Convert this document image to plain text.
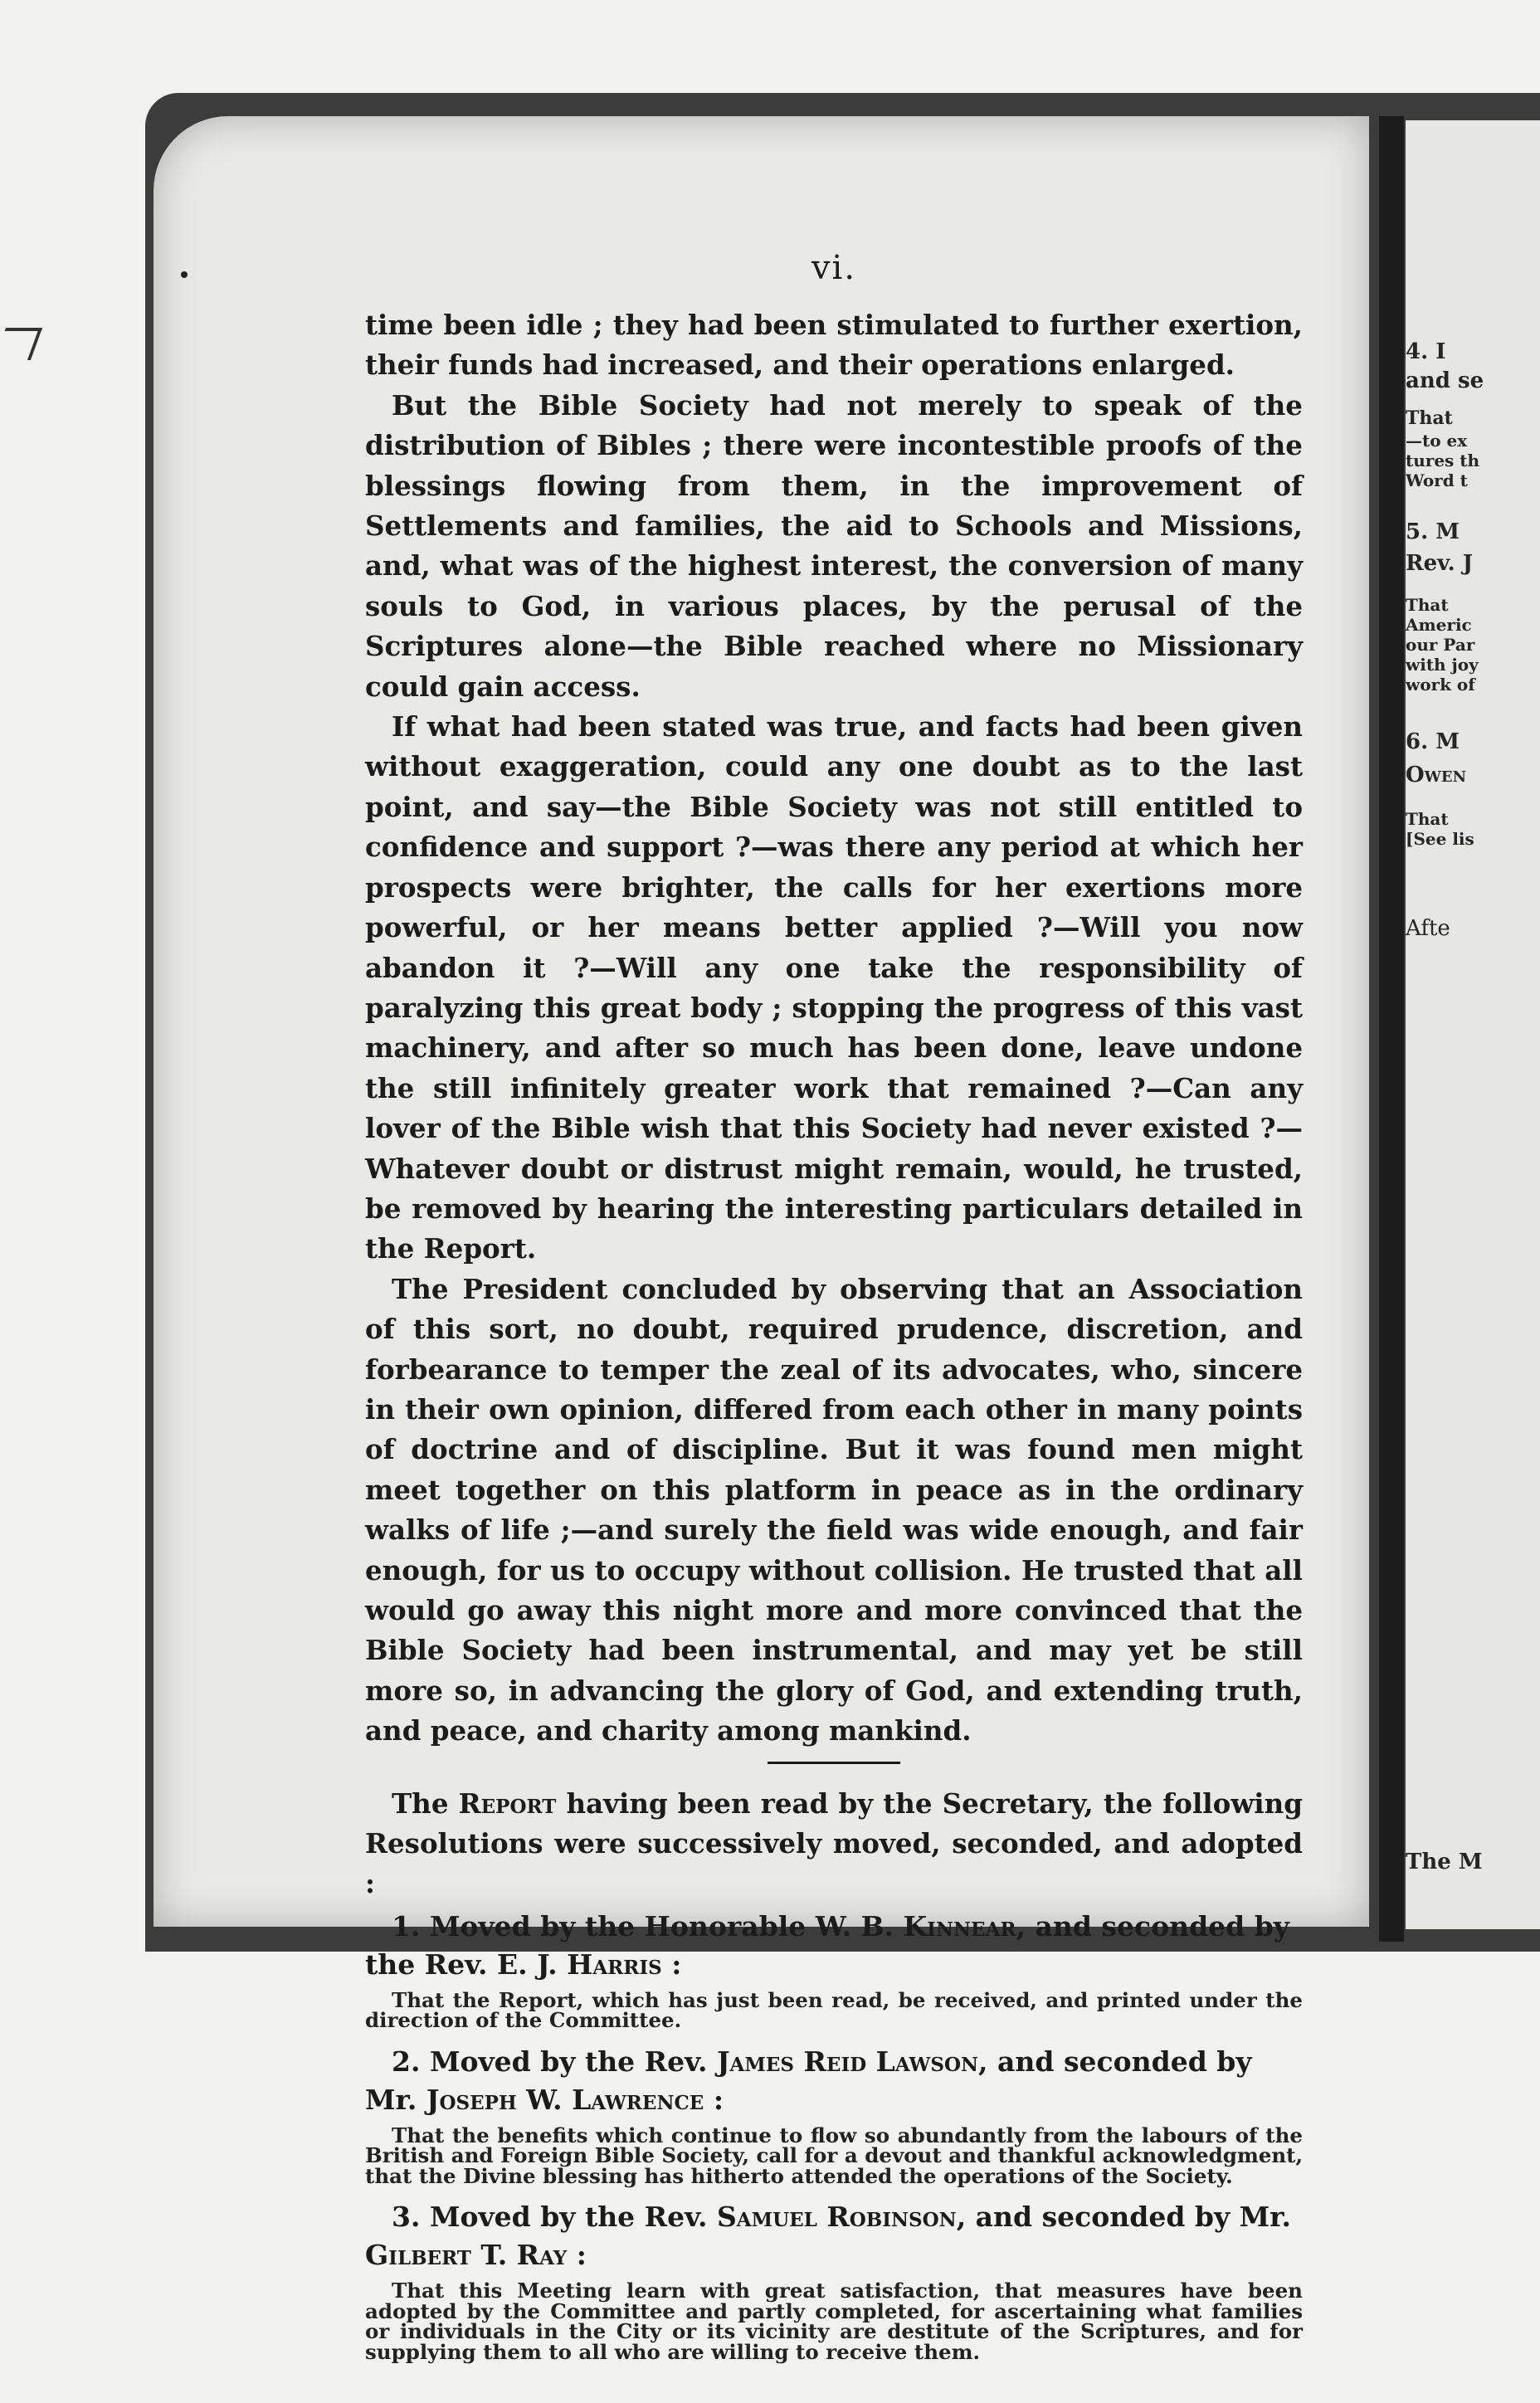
4. I
and se
That
—to ex
tures th
Word t
5. M
Rev. J
That
Americ
our Par
with joy
work of
6. M
Owen
That
[See lis
Afte
The M
vi.

time been idle ; they had been stimulated to further exertion, their funds had increased, and their operations enlarged.

But the Bible Society had not merely to speak of the distribution of Bibles ; there were incontestible proofs of the blessings flowing from them, in the improvement of Settlements and families, the aid to Schools and Missions, and, what was of the highest interest, the conversion of many souls to God, in various places, by the perusal of the Scriptures alone—the Bible reached where no Missionary could gain access.

If what had been stated was true, and facts had been given without exaggeration, could any one doubt as to the last point, and say—the Bible Society was not still entitled to confidence and support ?—was there any period at which her prospects were brighter, the calls for her exertions more powerful, or her means better applied ?—Will you now abandon it ?—Will any one take the responsibility of paralyzing this great body ; stopping the progress of this vast machinery, and after so much has been done, leave undone the still infinitely greater work that remained ?—Can any lover of the Bible wish that this Society had never existed ?—Whatever doubt or distrust might remain, would, he trusted, be removed by hearing the interesting particulars detailed in the Report.

The President concluded by observing that an Association of this sort, no doubt, required prudence, discretion, and forbearance to temper the zeal of its advocates, who, sincere in their own opinion, differed from each other in many points of doctrine and of discipline. But it was found men might meet together on this platform in peace as in the ordinary walks of life ;—and surely the field was wide enough, and fair enough, for us to occupy without collision. He trusted that all would go away this night more and more convinced that the Bible Society had been instrumental, and may yet be still more so, in advancing the glory of God, and extending truth, and peace, and charity among mankind.

The Report having been read by the Secretary, the following Resolutions were successively moved, seconded, and adopted :

1. Moved by the Honorable W. B. Kinnear, and seconded by the Rev. E. J. Harris :

That the Report, which has just been read, be received, and printed under the direction of the Committee.

2. Moved by the Rev. James Reid Lawson, and seconded by Mr. Joseph W. Lawrence :

That the benefits which continue to flow so abundantly from the labours of the British and Foreign Bible Society, call for a devout and thankful acknowledgment, that the Divine blessing has hitherto attended the operations of the Society.

3. Moved by the Rev. Samuel Robinson, and seconded by Mr. Gilbert T. Ray :

That this Meeting learn with great satisfaction, that measures have been adopted by the Committee and partly completed, for ascertaining what families or individuals in the City or its vicinity are destitute of the Scriptures, and for supplying them to all who are willing to receive them.
